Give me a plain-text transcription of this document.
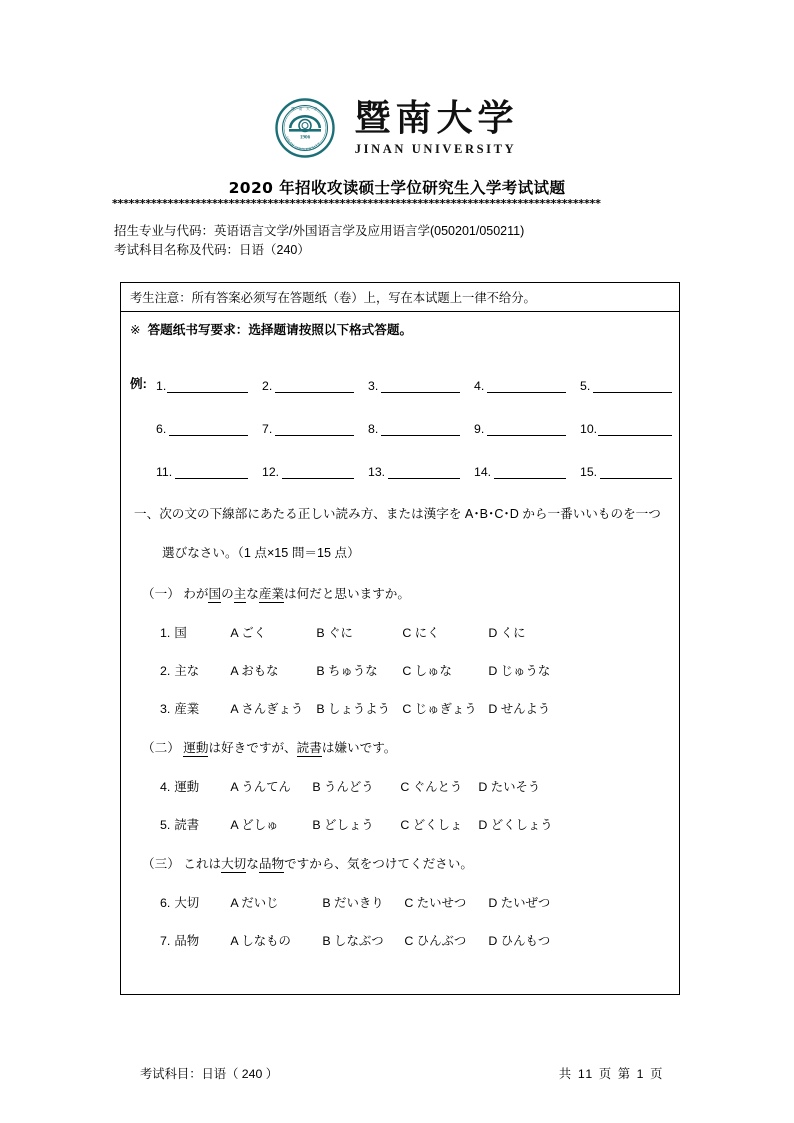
1906
暨 南 大 学
JINAN UNIVERSITY
暨南大学
JINAN UNIVERSITY
2020 年招收攻读硕士学位研究生入学考试试题
****************************************************************************************
招生专业与代码：英语语言文学/外国语言学及应用语言学(050201/050211)
考试科目名称及代码：日语（240）
考生注意：所有答案必须写在答题纸（卷）上，写在本试题上一律不给分。
※ 答题纸书写要求：选择题请按照以下格式答题。
例: 1.	2.	3.	4.	5.
6.	7.	8.	9.	10.
11.	12.	13.	14.	15.
一、次の文の下線部にあたる正しい読み方、または漢字を A･B･C･D から一番いいものを一つ
選びなさい。（1 点×15 問＝15 点）
（一） わが国の主な産業は何だと思いますか。
1. 国	A ごく	B ぐに	C にく	D くに
2. 主な	A おもな	B ちゅうな	C しゅな	D じゅうな
3. 産業	A さんぎょう	B しょうよう C じゅぎょう D せんよう
（二） 運動は好きですが、読書は嫌いです。
4. 運動	A うんてん	B うんどう	C ぐんとう	D たいそう
5. 読書	A どしゅ	B どしょう	C どくしょ	D どくしょう
（三） これは大切な品物ですから、気をつけてください。
6. 大切	A だいじ	B だいきり	C たいせつ	D たいぜつ
7. 品物	A しなもの	B しなぶつ	C ひんぶつ	D ひんもつ
考试科目：日语（ 240 ）	共 11 页 第 1 页
